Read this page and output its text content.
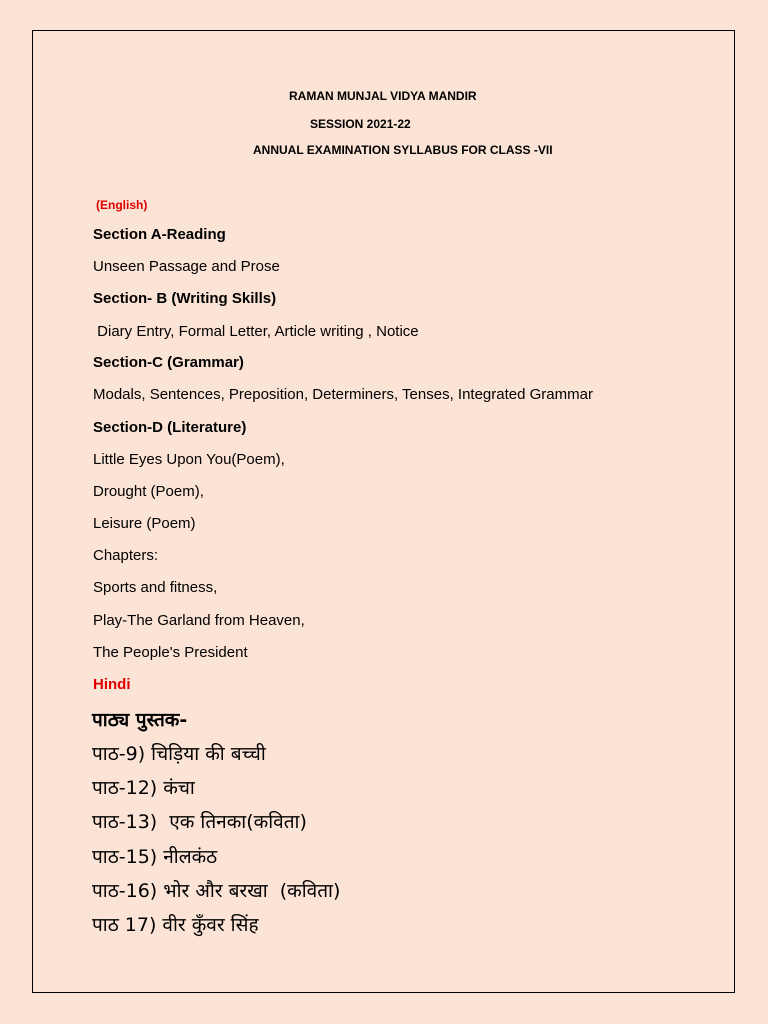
RAMAN MUNJAL VIDYA MANDIR
SESSION 2021-22
ANNUAL EXAMINATION SYLLABUS FOR CLASS -VII
(English)
Section A-Reading
Unseen Passage and Prose
Section- B (Writing Skills)
Diary Entry, Formal Letter, Article writing , Notice
Section-C (Grammar)
Modals, Sentences, Preposition, Determiners, Tenses, Integrated Grammar
Section-D (Literature)
Little Eyes Upon You(Poem),
Drought (Poem),
Leisure (Poem)
Chapters:
Sports and fitness,
Play-The Garland from Heaven,
The People's President
Hindi
पाठ्य पुस्तक-
पाठ-9) चिड़िया की बच्ची
पाठ-12) कंचा
पाठ-13)  एक तिनका(कविता)
पाठ-15) नीलकंठ
पाठ-16) भोर और बरखा  (कविता)
पाठ 17) वीर कुँवर सिंह
